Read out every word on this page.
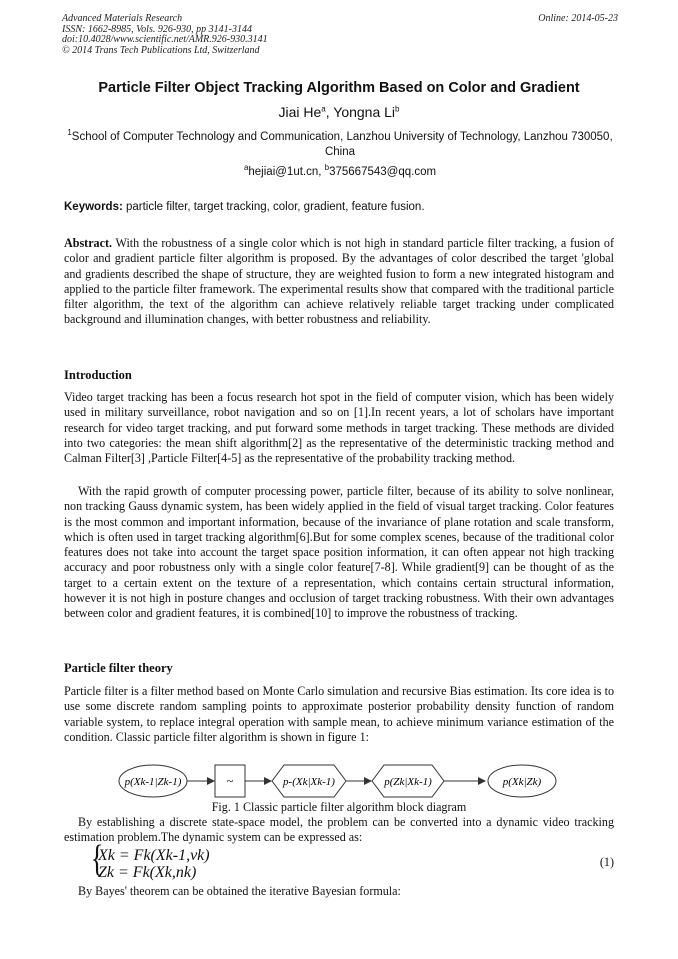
Advanced Materials Research
ISSN: 1662-8985, Vols. 926-930, pp 3141-3144
doi:10.4028/www.scientific.net/AMR.926-930.3141
© 2014 Trans Tech Publications Ltd, Switzerland
Online: 2014-05-23
Particle Filter Object Tracking Algorithm Based on Color and Gradient
Jiai He$^a$, Yongna Li$^b$
$^1$School of Computer Technology and Communication, Lanzhou University of Technology, Lanzhou 730050, China
$^a$hejiai@1ut.cn, $^b$375667543@qq.com
Keywords: particle filter, target tracking, color, gradient, feature fusion.
Abstract. With the robustness of a single color which is not high in standard particle filter tracking, a fusion of color and gradient particle filter algorithm is proposed. By the advantages of color described the target 'global and gradients described the shape of structure, they are weighted fusion to form a new integrated histogram and applied to the particle filter framework. The experimental results show that compared with the traditional particle filter algorithm, the text of the algorithm can achieve relatively reliable target tracking under complicated background and illumination changes, with better robustness and reliability.
Introduction
Video target tracking has been a focus research hot spot in the field of computer vision, which has been widely used in military surveillance, robot navigation and so on [1].In recent years, a lot of scholars have important research for video target tracking, and put forward some methods in target tracking. These methods are divided into two categories: the mean shift algorithm[2] as the representative of the deterministic tracking method and Calman Filter[3] ,Particle Filter[4-5] as the representative of the probability tracking method.
With the rapid growth of computer processing power, particle filter, because of its ability to solve nonlinear, non tracking Gauss dynamic system, has been widely applied in the field of visual target tracking. Color features is the most common and important information, because of the invariance of plane rotation and scale transform, which is often used in target tracking algorithm[6].But for some complex scenes, because of the traditional color features does not take into account the target space position information, it can often appear not high tracking accuracy and poor robustness only with a single color feature[7-8]. While gradient[9] can be thought of as the target to a certain extent on the texture of a representation, which contains certain structural information, however it is not high in posture changes and occlusion of target tracking robustness. With their own advantages between color and gradient features, it is combined[10] to improve the robustness of tracking.
Particle filter theory
Particle filter is a filter method based on Monte Carlo simulation and recursive Bias estimation. Its core idea is to use some discrete random sampling points to approximate posterior probability density function of random variable system, to replace integral operation with sample mean, to achieve minimum variance estimation of the condition. Classic particle filter algorithm is shown in figure 1:
p(Xk-1|Zk-1)	~	p-(Xk|Xk-1)	p(Zk|Xk-1)	p(Xk|Zk)
Fig. 1 Classic particle filter algorithm block diagram
By establishing a discrete state-space model, the problem can be converted into a dynamic video tracking estimation problem.The dynamic system can be expressed as:
{
Xk = Fk(Xk-1,vk)
Zk = Fk(Xk,nk)
(1)
By Bayes' theorem can be obtained the iterative Bayesian formula:
